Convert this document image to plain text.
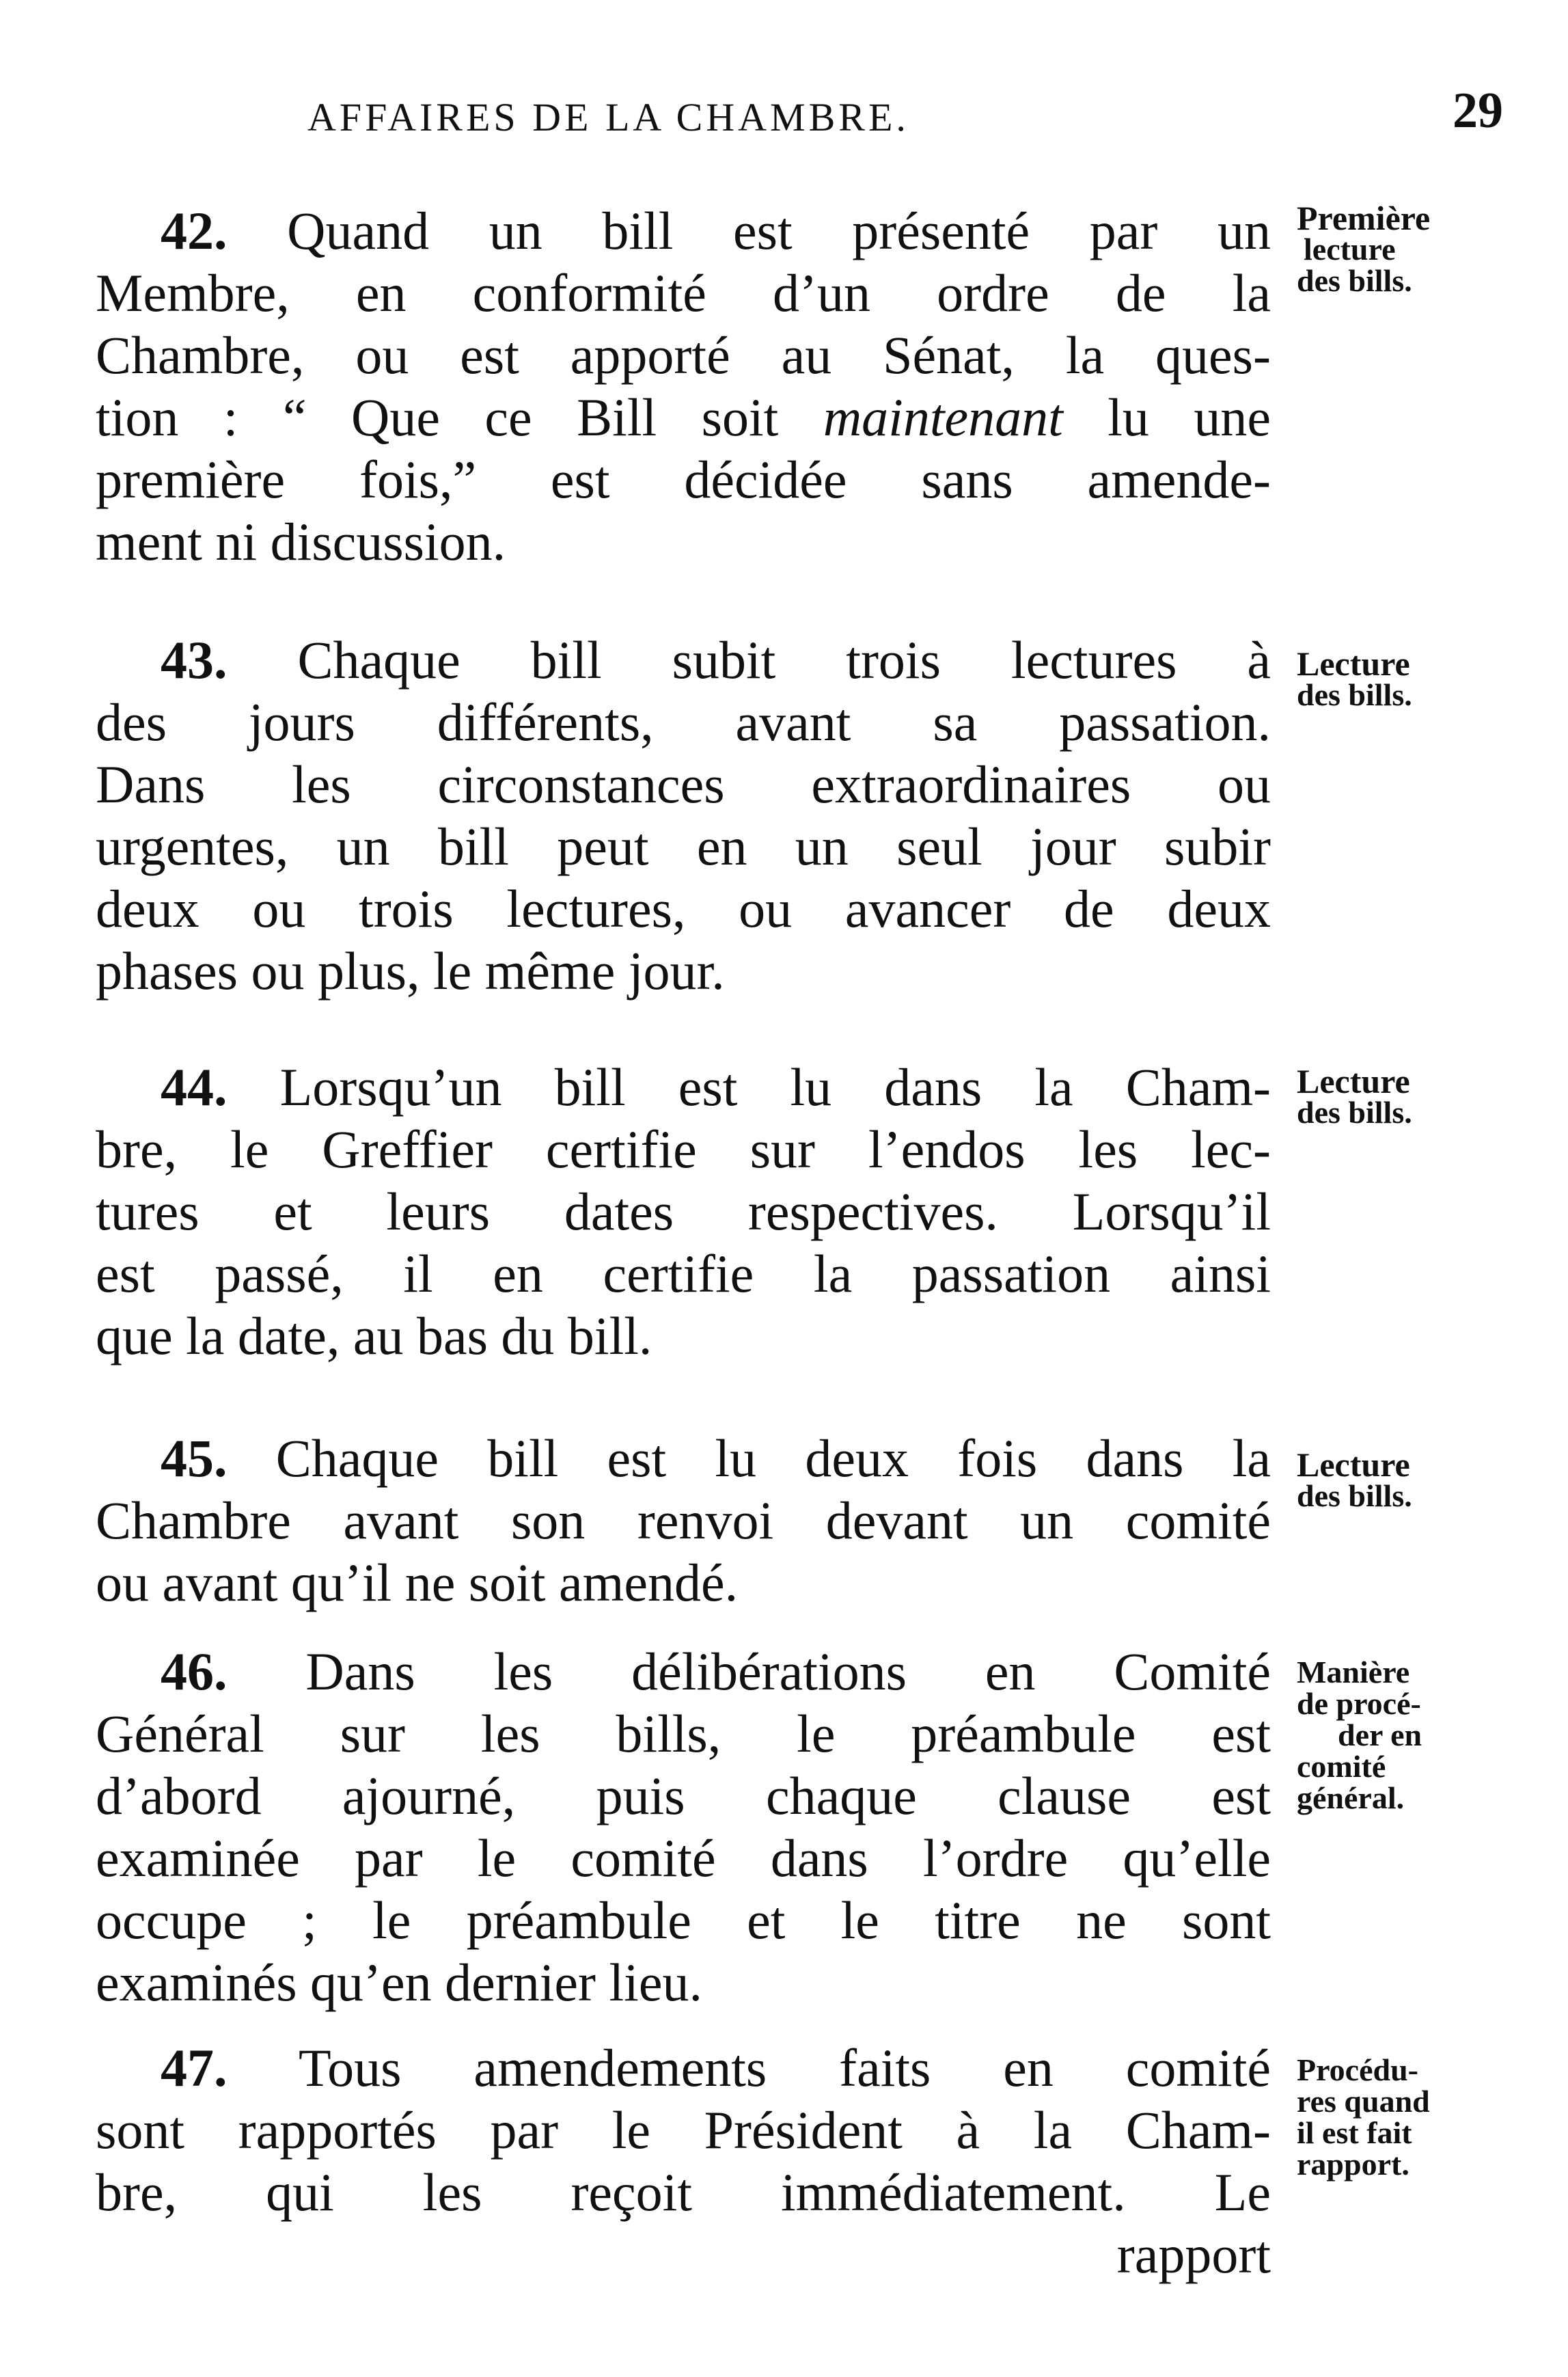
AFFAIRES DE LA CHAMBRE.	29
42. Quand un bill est présenté par un
Membre, en conformité d’un ordre de la
Chambre, ou est apporté au Sénat, la ques-
tion : “ Que ce Bill soit maintenant lu une
première fois,” est décidée sans amende-
ment ni discussion.
Première
lecture
des bills.
43. Chaque bill subit trois lectures à
des jours différents, avant sa passation.
Dans les circonstances extraordinaires ou
urgentes, un bill peut en un seul jour subir
deux ou trois lectures, ou avancer de deux
phases ou plus, le même jour.
Lecture
des bills.
44. Lorsqu’un bill est lu dans la Cham-
bre, le Greffier certifie sur l’endos les lec-
tures et leurs dates respectives. Lorsqu’il
est passé, il en certifie la passation ainsi
que la date, au bas du bill.
Lecture
des bills.
45. Chaque bill est lu deux fois dans la
Chambre avant son renvoi devant un comité
ou avant qu’il ne soit amendé.
Lecture
des bills.
46. Dans les délibérations en Comité
Général sur les bills, le préambule est
d’abord ajourné, puis chaque clause est
examinée par le comité dans l’ordre qu’elle
occupe ; le préambule et le titre ne sont
examinés qu’en dernier lieu.
Manière
de procé-
der en
comité
général.
47. Tous amendements faits en comité
sont rapportés par le Président à la Cham-
bre, qui les reçoit immédiatement. Le
rapport
Procédu-
res quand
il est fait
rapport.
